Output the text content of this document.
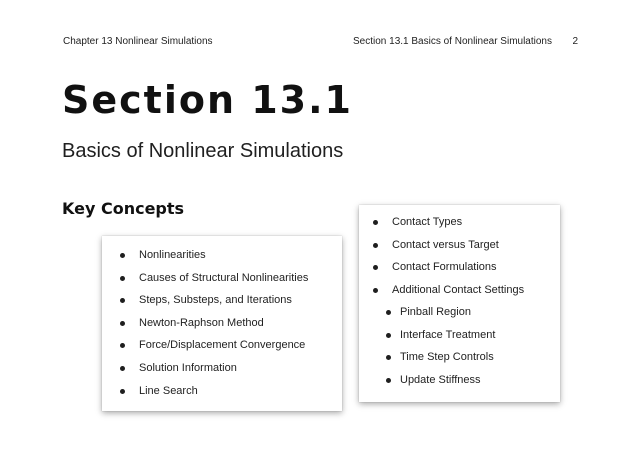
Chapter 13 Nonlinear Simulations	Section 13.1 Basics of Nonlinear Simulations 2
Section 13.1
Basics of Nonlinear Simulations
Key Concepts
Nonlinearities
Causes of Structural Nonlinearities
Steps, Substeps, and Iterations
Newton-Raphson Method
Force/Displacement Convergence
Solution Information
Line Search
Contact Types
Contact versus Target
Contact Formulations
Additional Contact Settings
Pinball Region
Interface Treatment
Time Step Controls
Update Stiffness
